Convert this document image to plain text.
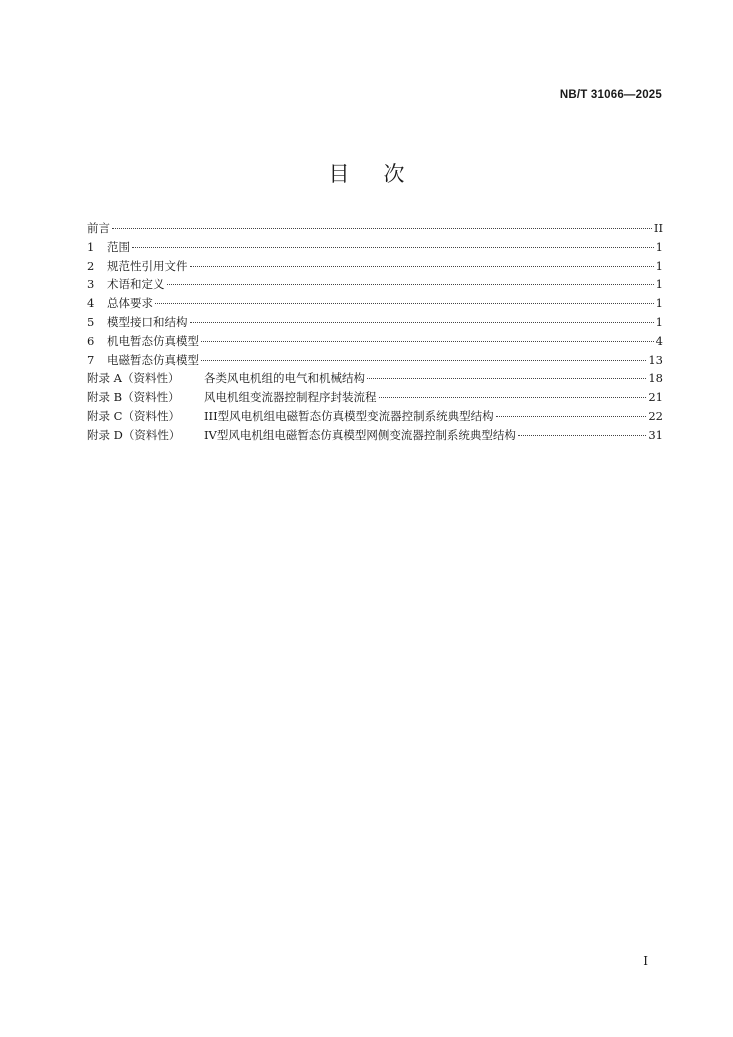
NB/T 31066—2025
目次
前言	II
1	范围	1
2	规范性引用文件	1
3	术语和定义	1
4	总体要求	1
5	模型接口和结构	1
6	机电暂态仿真模型	4
7	电磁暂态仿真模型	13
附录 A（资料性）	各类风电机组的电气和机械结构	18
附录 B（资料性）	风电机组变流器控制程序封装流程	21
附录 C（资料性）	III型风电机组电磁暂态仿真模型变流器控制系统典型结构	22
附录 D（资料性）	IV型风电机组电磁暂态仿真模型网侧变流器控制系统典型结构	31
I
